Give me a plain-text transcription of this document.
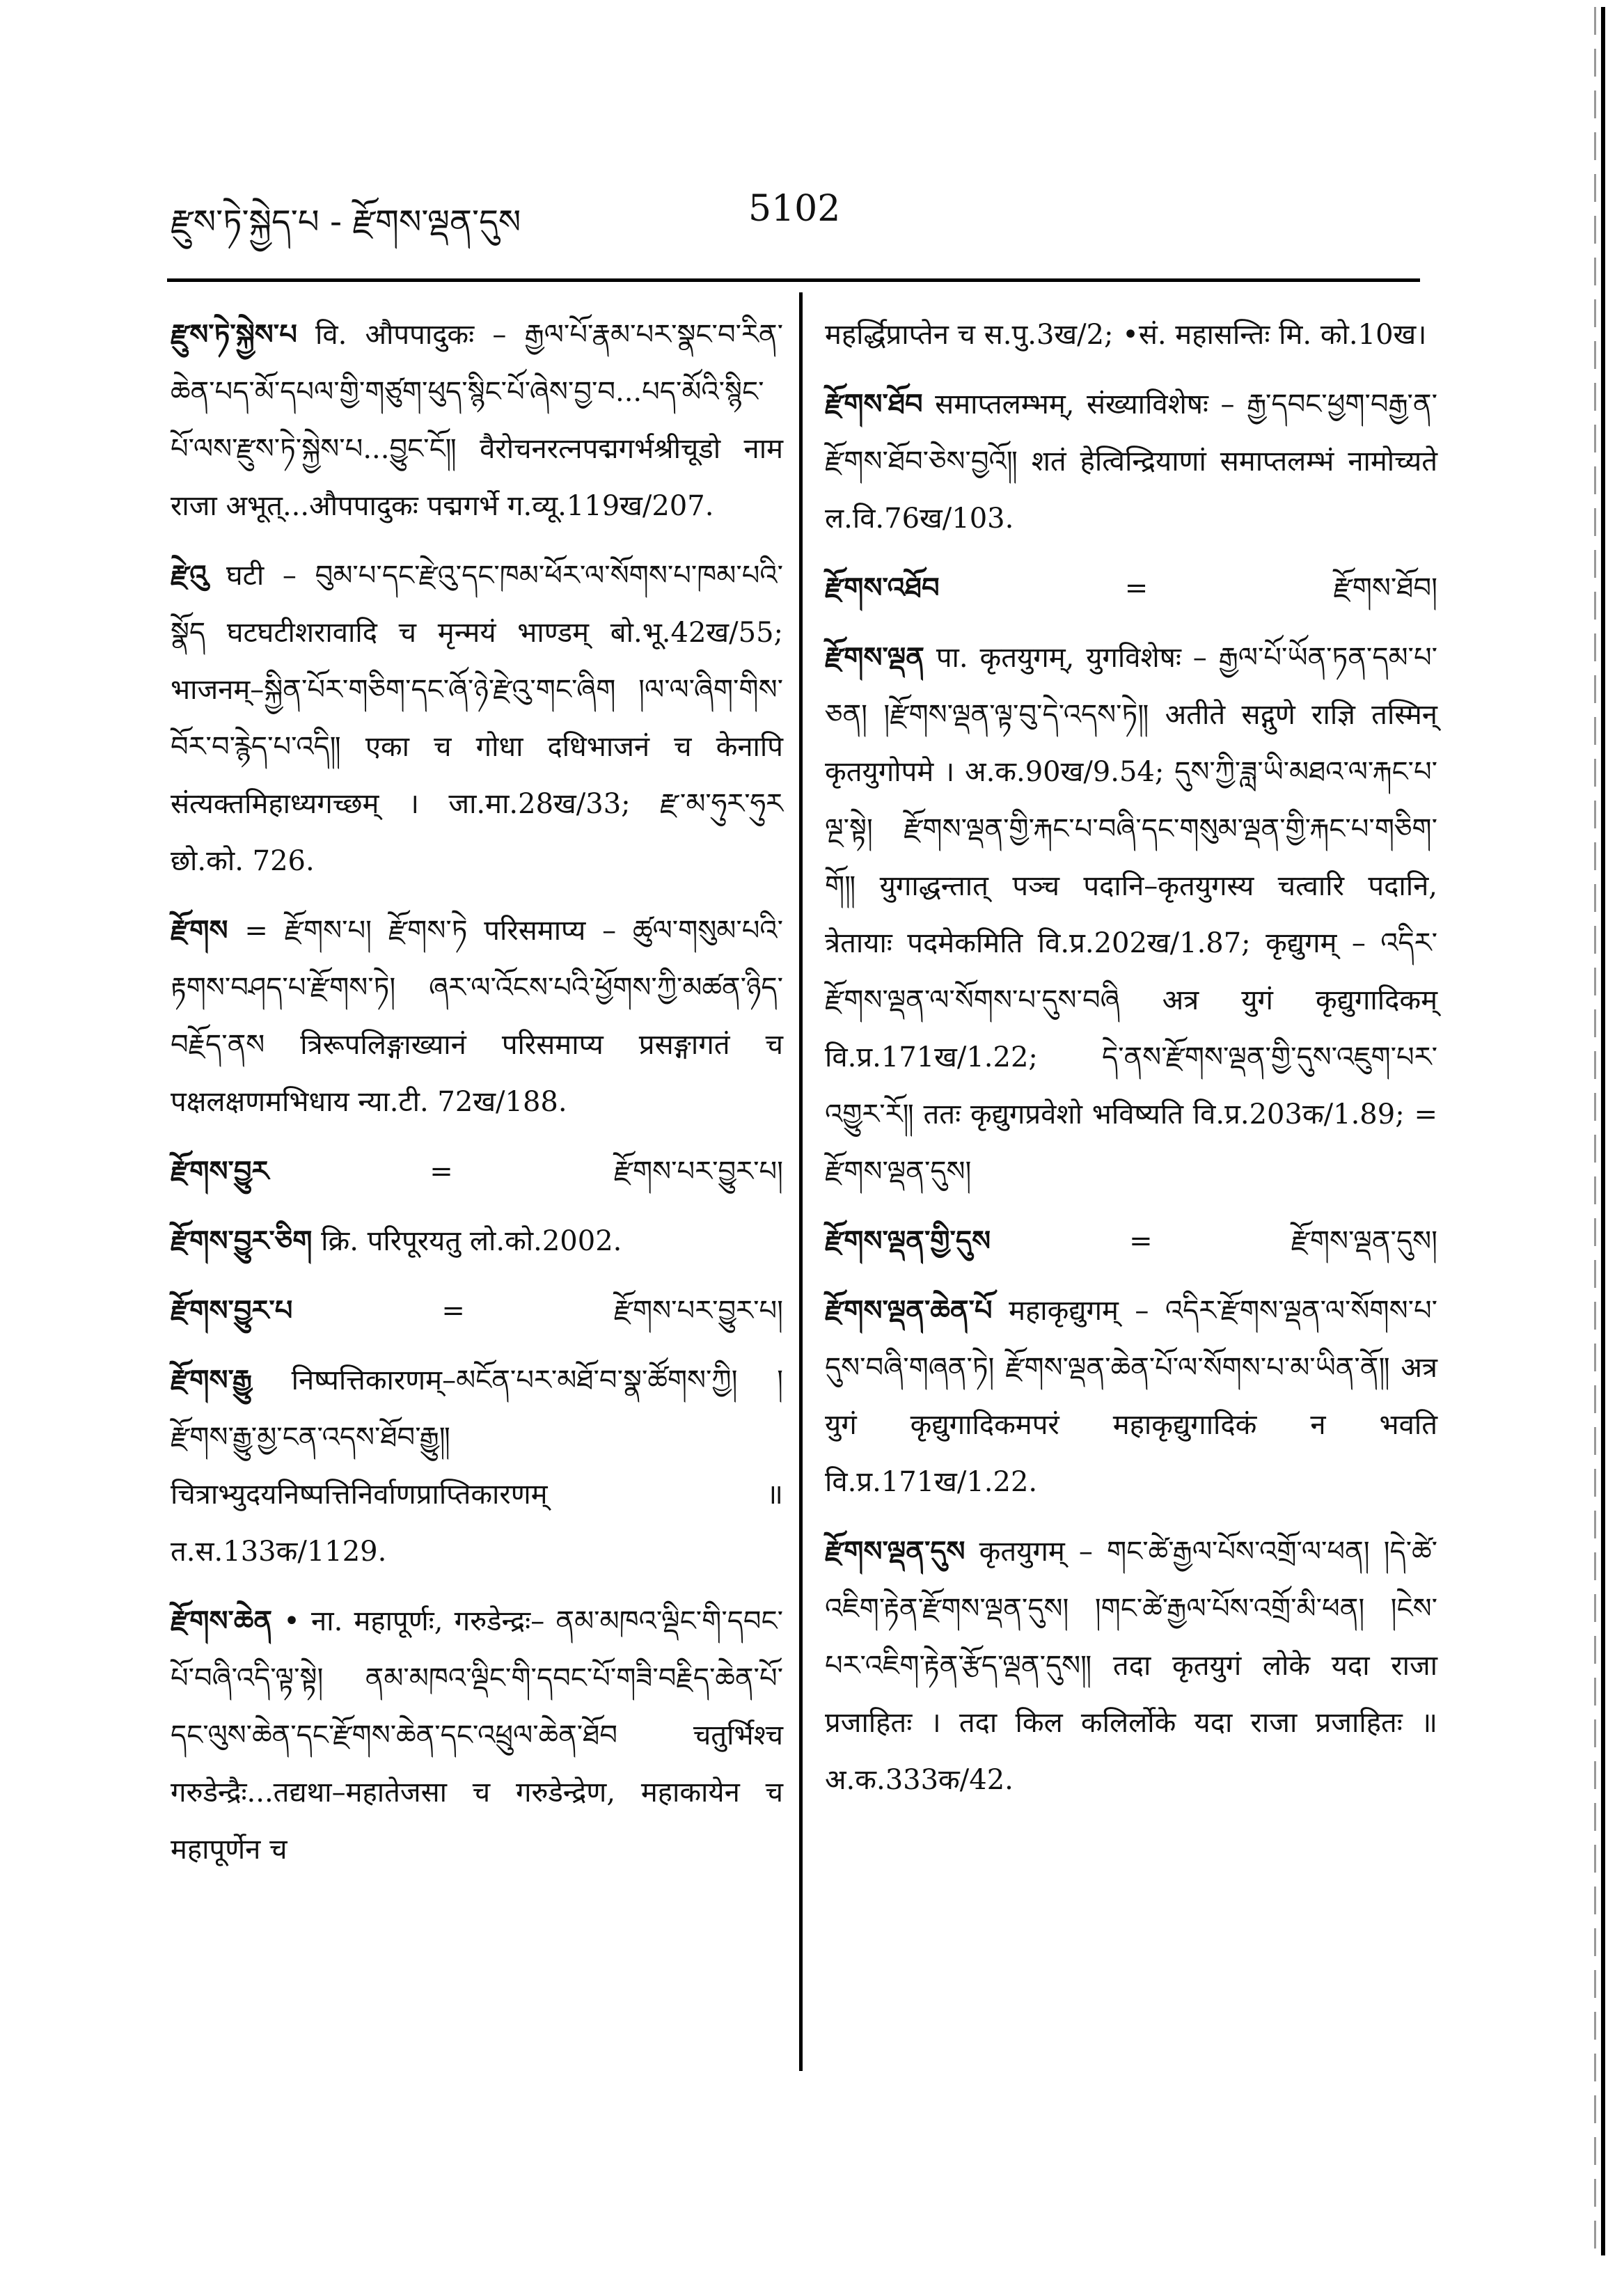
རྫུས་ཏེ་སྐྱེད་པ - རྫོགས་ལྡན་དུས	5102

རྫུས་ཏེ་སྐྱེས་པ वि. औपपादुकः – རྒྱལ་པོ་རྣམ་པར་སྣང་བ་རིན་ཆེན་པད་མོ་དཔལ་གྱི་གཙུག་ཕུད་སྙིང་པོ་ཞེས་བྱ་བ...པད་མོའི་སྙིང་པོ་ལས་རྫུས་ཏེ་སྐྱེས་པ...བྱུང་ངོ༎ वैरोचनरत्नपद्मगर्भश्रीचूडो नाम राजा अभूत्...औपपादुकः पद्मगर्भे ग.व्यू.119ख/207.

རྫེའུ घटी – བུམ་པ་དང་རྫེའུ་དང་ཁམ་ཕོར་ལ་སོགས་པ་ཁམ་པའི་སྣོད घटघटीशरावादि च मृन्मयं भाण्डम् बो.भू.42ख/55; भाजनम्–སྐྱིན་པོར་གཅིག་དང་ཞོ་ཉེ་རྫེའུ་གང་ཞིག །ལ་ལ་ཞིག་གིས་བོར་བ་རྙེད་པ་འདི༎ एका च गोधा दधिभाजनं च केनापि संत्यक्तमिहाध्यगच्छम् । जा.मा.28ख/33; རྫ་མ་ཧུར་ཧུར छो.को. 726.

རྫོགས = རྫོགས་པ། རྫོགས་ཏེ परिसमाप्य – ཚུལ་གསུམ་པའི་རྟགས་བཤད་པ་རྫོགས་ཏེ། ཞར་ལ་འོངས་པའི་ཕྱོགས་ཀྱི་མཚན་ཉིད་བརྗོད་ནས त्रिरूपलिङ्गाख्यानं परिसमाप्य प्रसङ्गागतं च पक्षलक्षणमभिधाय न्या.टी. 72ख/188.

རྫོགས་བྱུར	=	རྫོགས་པར་བྱུར་པ།

རྫོགས་བྱུར་ཅིག क्रि. परिपूरयतु लो.को.2002.

རྫོགས་བྱུར་པ	=	རྫོགས་པར་བྱུར་པ།

རྫོགས་རྒྱུ निष्पत्तिकारणम्–མངོན་པར་མཐོ་བ་སྣ་ཚོགས་ཀྱི། །རྫོགས་རྒྱུ་མྱ་ངན་འདས་ཐོབ་རྒྱུ༎ चित्राभ्युदयनिष्पत्तिनिर्वाणप्राप्तिकारणम् ॥ त.स.133क/1129.

རྫོགས་ཆེན • ना. महापूर्णः, गरुडेन्द्रः– ནམ་མཁའ་ལྡིང་གི་དབང་པོ་བཞི་འདི་ལྟ་སྟེ། ནམ་མཁའ་ལྡིང་གི་དབང་པོ་གཟི་བརྗིད་ཆེན་པོ་དང་ལུས་ཆེན་དང་རྫོགས་ཆེན་དང་འཕྲུལ་ཆེན་ཐོབ चतुर्भिश्च गरुडेन्द्रैः...तद्यथा–महातेजसा च गरुडेन्द्रेण, महाकायेन च महापूर्णेन च

महर्द्धिप्राप्तेन च स.पु.3ख/2; •सं. महासन्तिः मि. को.10ख।

རྫོགས་ཐོབ समाप्तलम्भम्, संख्याविशेषः – རྒྱ་དབང་ཕྱག་བརྒྱ་ན་རྫོགས་ཐོབ་ཅེས་བྱའོ༎ शतं हेत्विन्द्रियाणां समाप्तलम्भं नामोच्यते ल.वि.76ख/103.

རྫོགས་འཐོབ	=	རྫོགས་ཐོབ།

རྫོགས་ལྡན पा. कृतयुगम्, युगविशेषः – རྒྱལ་པོ་ཡོན་ཏན་དམ་པ་ཅན། །རྫོགས་ལྡན་ལྟ་བུ་དེ་འདས་ཏེ༎ अतीते सद्गुणे राज्ञि तस्मिन् कृतयुगोपमे । अ.क.90ख/9.54; དུས་ཀྱི་ཟླ་ཡི་མཐའ་ལ་རྐང་པ་ལྔ་སྟེ། རྫོགས་ལྡན་གྱི་རྐང་པ་བཞི་དང་གསུམ་ལྡན་གྱི་རྐང་པ་གཅིག་གོ༎ युगाद्धन्तात् पञ्च पदानि–कृतयुगस्य चत्वारि पदानि, त्रेतायाः पदमेकमिति वि.प्र.202ख/1.87; कृद्युगम् – འདིར་རྫོགས་ལྡན་ལ་སོགས་པ་དུས་བཞི अत्र युगं कृद्युगादिकम् वि.प्र.171ख/1.22; དེ་ནས་རྫོགས་ལྡན་གྱི་དུས་འཇུག་པར་འགྱུར་རོ༎ ततः कृद्युगप्रवेशो भविष्यति वि.प्र.203क/1.89; = རྫོགས་ལྡན་དུས།

རྫོགས་ལྡན་གྱི་དུས	=	རྫོགས་ལྡན་དུས།

རྫོགས་ལྡན་ཆེན་པོ महाकृद्युगम् – འདིར་རྫོགས་ལྡན་ལ་སོགས་པ་དུས་བཞི་གཞན་ཏེ། རྫོགས་ལྡན་ཆེན་པོ་ལ་སོགས་པ་མ་ཡིན་ནོ༎ अत्र युगं कृद्युगादिकमपरं महाकृद्युगादिकं न भवति वि.प्र.171ख/1.22.

རྫོགས་ལྡན་དུས कृतयुगम् – གང་ཚེ་རྒྱལ་པོས་འགྲོ་ལ་ཕན། །དེ་ཚེ་འཇིག་རྟེན་རྫོགས་ལྡན་དུས། །གང་ཚེ་རྒྱལ་པོས་འགྲོ་མི་ཕན། །ངེས་པར་འཇིག་རྟེན་རྩོད་ལྡན་དུས༎ तदा कृतयुगं लोके यदा राजा प्रजाहितः । तदा किल कलिर्लोके यदा राजा प्रजाहितः ॥ अ.क.333क/42.
